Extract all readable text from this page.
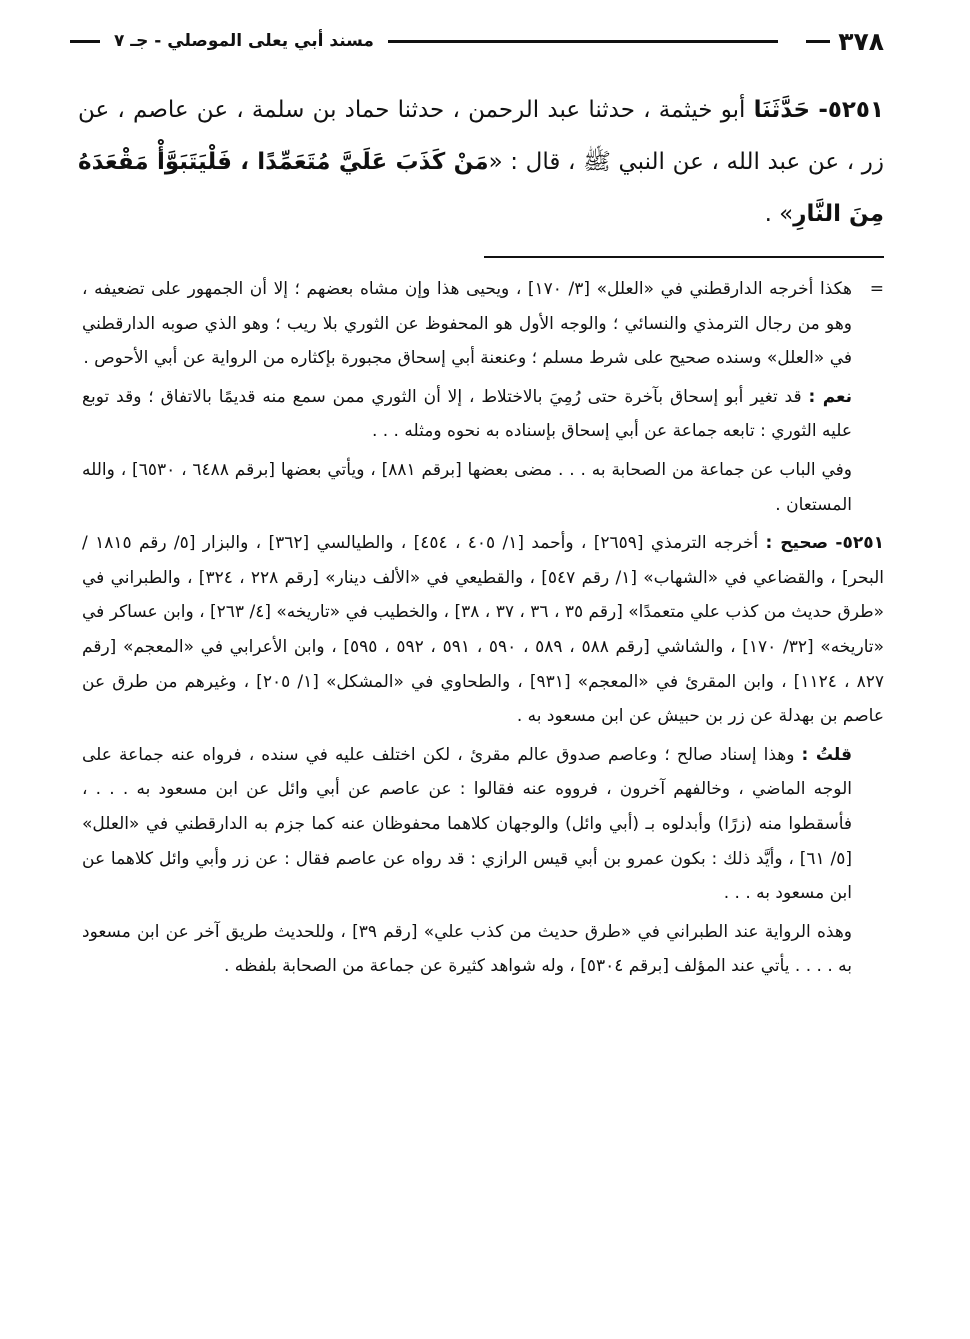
٣٧٨
مسند أبي يعلى الموصلي - جـ ٧
٥٢٥١- حَدَّثَنَا أبو خيثمة ، حدثنا عبد الرحمن ، حدثنا حماد بن سلمة ، عن عاصم ، عن زر ، عن عبد الله ، عن النبي ﷺ ، قال : «مَنْ كَذَبَ عَلَيَّ مُتَعَمِّدًا ، فَلْيَتَبَوَّأْ مَقْعَدَهُ مِنَ النَّارِ» .

=
هكذا أخرجه الدارقطني في «العلل» [٣/ ١٧٠] ، ويحيى هذا وإن مشاه بعضهم ؛ إلا أن الجمهور على تضعيفه ، وهو من رجال الترمذي والنسائي ؛ والوجه الأول هو المحفوظ عن الثوري بلا ريب ؛ وهو الذي صوبه الدارقطني في «العلل» وسنده صحيح على شرط مسلم ؛ وعنعنة أبي إسحاق مجبورة بإكثاره من الرواية عن أبي الأحوص .

نعم : قد تغير أبو إسحاق بآخرة حتى رُمِيَ بالاختلاط ، إلا أن الثوري ممن سمع منه قديمًا بالاتفاق ؛ وقد توبع عليه الثوري : تابعه جماعة عن أبي إسحاق بإسناده به نحوه ومثله . . .

وفي الباب عن جماعة من الصحابة به . . . مضى بعضها [برقم ٨٨١] ، ويأتي بعضها [برقم ٦٤٨٨ ، ٦٥٣٠] ، والله المستعان .

٥٢٥١- صحيح : أخرجه الترمذي [٢٦٥٩] ، وأحمد [١/ ٤٠٥ ، ٤٥٤] ، والطيالسي [٣٦٢] ، والبزار [٥/ رقم ١٨١٥ / البحر] ، والقضاعي في «الشهاب» [١/ رقم ٥٤٧] ، والقطيعي في «الألف دينار» [رقم ٢٢٨ ، ٣٢٤] ، والطبراني في «طرق حديث من كذب علي متعمدًا» [رقم ٣٥ ، ٣٦ ، ٣٧ ، ٣٨] ، والخطيب في «تاريخه» [٤/ ٢٦٣] ، وابن عساكر في «تاريخه» [٣٢/ ١٧٠] ، والشاشي [رقم ٥٨٨ ، ٥٨٩ ، ٥٩٠ ، ٥٩١ ، ٥٩٢ ، ٥٩٥] ، وابن الأعرابي في «المعجم» [رقم ٨٢٧ ، ١١٢٤] ، وابن المقرئ في «المعجم» [٩٣١] ، والطحاوي في «المشكل» [١/ ٢٠٥] ، وغيرهم من طرق عن عاصم بن بهدلة عن زر بن حبيش عن ابن مسعود به .

قلتُ : وهذا إسناد صالح ؛ وعاصم صدوق عالم مقرئ ، لكن اختلف عليه في سنده ، فرواه عنه جماعة على الوجه الماضي ، وخالفهم آخرون ، فرووه عنه فقالوا : عن عاصم عن أبي وائل عن ابن مسعود به . . . ، فأسقطوا منه (زرًا) وأبدلوه بـ (أبي وائل) والوجهان كلاهما محفوظان عنه كما جزم به الدارقطني في «العلل» [٥/ ٦١] ، وأيَّد ذلك : بكون عمرو بن أبي قيس الرازي : قد رواه عن عاصم فقال : عن زر وأبي وائل كلاهما عن ابن مسعود به . . .

وهذه الرواية عند الطبراني في «طرق حديث من كذب علي» [رقم ٣٩] ، وللحديث طريق آخر عن ابن مسعود به . . . . يأتي عند المؤلف [برقم ٥٣٠٤] ، وله شواهد كثيرة عن جماعة من الصحابة بلفظه .
